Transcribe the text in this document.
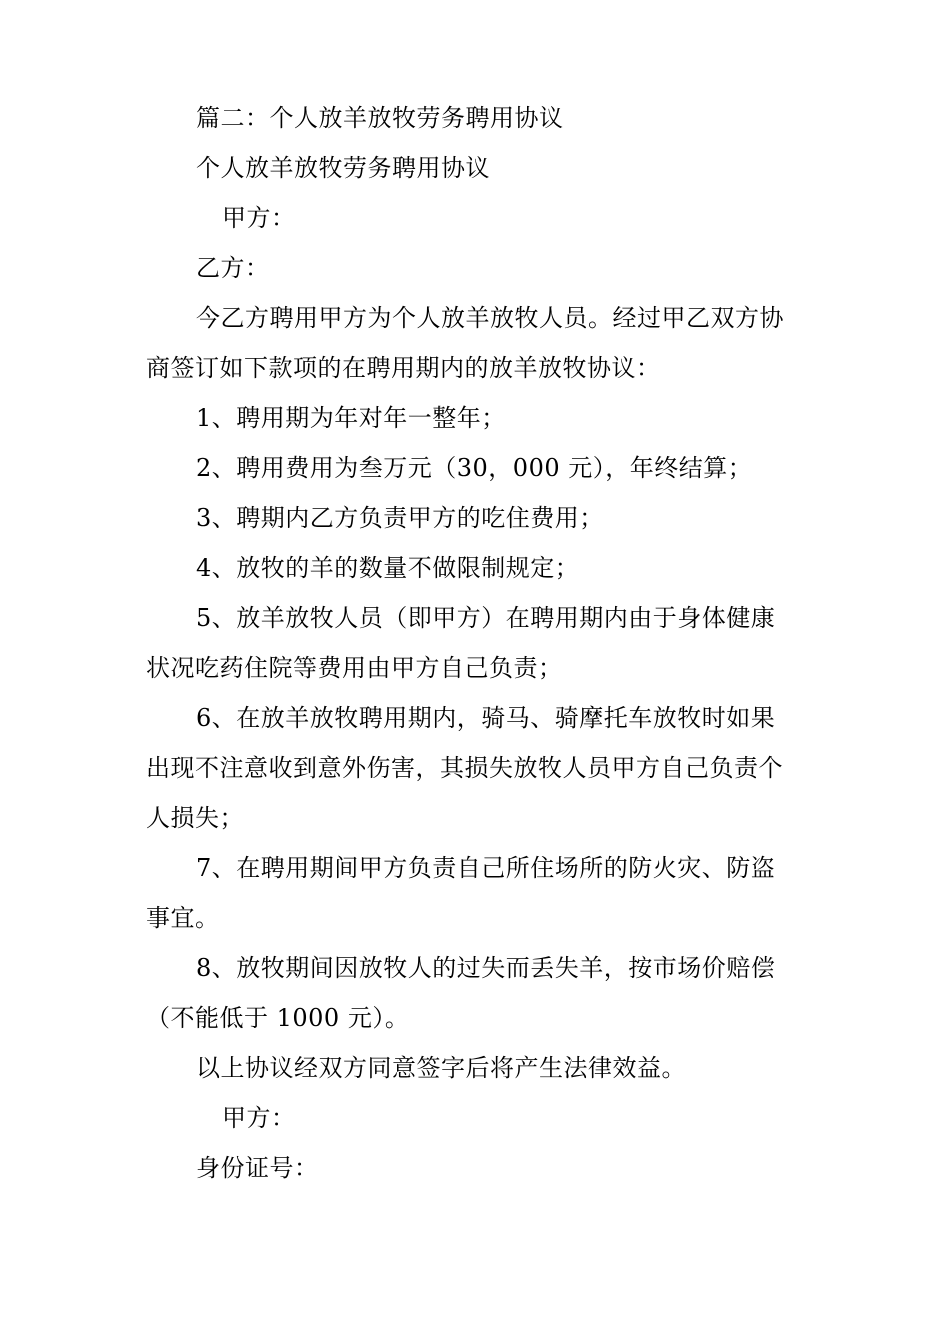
篇二：个人放羊放牧劳务聘用协议
个人放羊放牧劳务聘用协议
甲方：
乙方：
今乙方聘用甲方为个人放羊放牧人员。经过甲乙双方协
商签订如下款项的在聘用期内的放羊放牧协议：
1、聘用期为年对年一整年；
2、聘用费用为叁万元（30，000 元），年终结算；
3、聘期内乙方负责甲方的吃住费用；
4、放牧的羊的数量不做限制规定；
5、放羊放牧人员（即甲方）在聘用期内由于身体健康
状况吃药住院等费用由甲方自己负责；
6、在放羊放牧聘用期内，骑马、骑摩托车放牧时如果
出现不注意收到意外伤害，其损失放牧人员甲方自己负责个
人损失；
7、在聘用期间甲方负责自己所住场所的防火灾、防盗
事宜。
8、放牧期间因放牧人的过失而丢失羊，按市场价赔偿
（不能低于 1000 元）。
以上协议经双方同意签字后将产生法律效益。
甲方：
身份证号：
